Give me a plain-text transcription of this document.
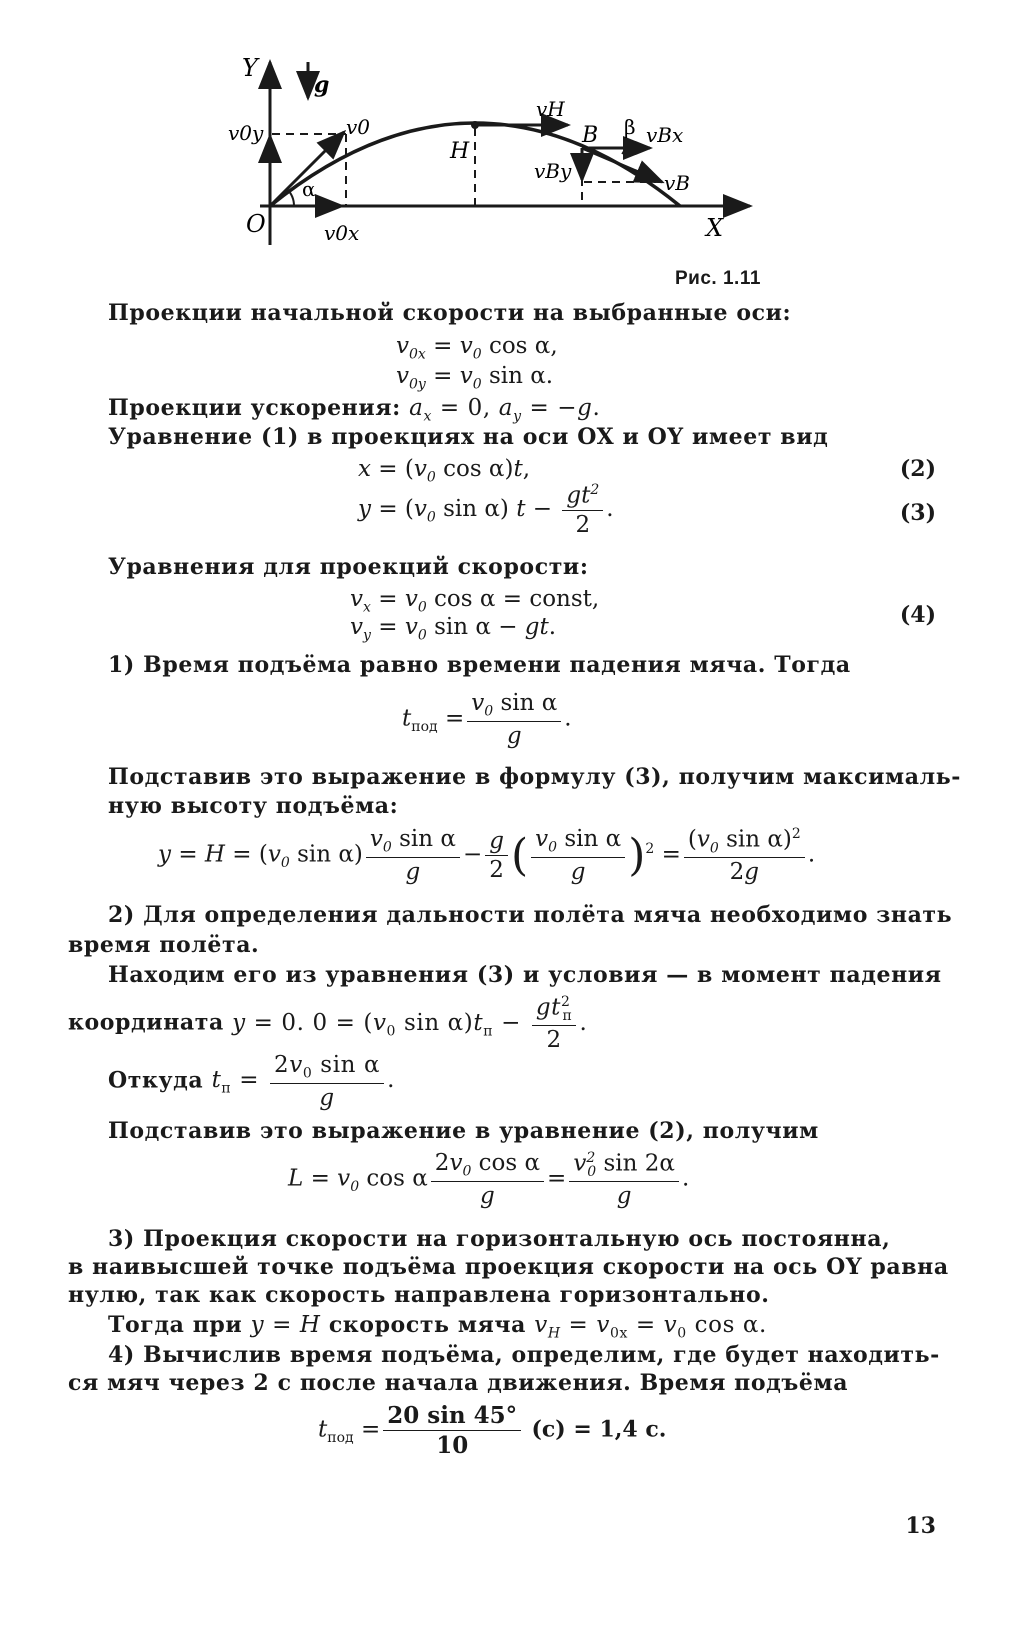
Y
g
v0y	v0
α
O	v0x
H
vH
B β vBx
vBy	vB
X
Рис. 1.11
Проекции начальной скорости на выбранные оси:
$v_{0x} = v_0$ cos α,
$v_{0y} = v_0$ sin α.
Проекции ускорения: $a_x = 0$, $a_y = -g$.
Уравнение (1) в проекциях на оси OX и OY имеет вид
$x = (v_0$ cos α)t,	(2)
$y = (v_0$ sin α) $t - \frac{gt^2}{2}$ .	(3)
Уравнения для проекций скорости:
$v_x = v_0$ cos α = const,
$v_y = v_0$ sin α − gt.	(4)
1) Время подъёма равно времени падения мяча. Тогда
$t_{под} = \frac{v_0 \sin \alpha}{g}$ .
Подставив это выражение в формулу (3), получим максималь-
ную высоту подъёма:
$y = H = (v_0$ $\sin \alpha) \frac{v_0 \sin \alpha}{g} - \frac{g}{2}$ ( $\frac{v_0 \sin \alpha}{g} )^2 = \frac{(v_0 \sin \alpha)^2}{2g}$ .
2) Для определения дальности полёта мяча необходимо знать
время полёта.
Находим его из уравнения (3) и условия — в момент падения
координата y = 0. $0 = (v_0$ $\sin \alpha)t_п - \frac{gt^2_п}{2}$ .
Откуда $t_п = \frac{2v_0 \sin \alpha}{g}$ .
Подставив это выражение в уравнение (2), получим
$L = v_0$ cos α $\frac{2v_0 \cos \alpha}{g} = \frac{v^2_0 \sin 2\alpha}{g}$ .
3) Проекция скорости на горизонтальную ось постоянна,
в наивысшей точке подъёма проекция скорости на ось OY равна
нулю, так как скорость направлена горизонтально.
Тогда при y = H скорость мяча $v_H = v_{0x} = v_0$ cos α.
4) Вычислив время подъёма, определим, где будет находить-
ся мяч через 2 с после начала движения. Время подъёма
$t_{под} = \frac{20 \sin 45^\circ}{10} (с) = 1,4$ с.
13
